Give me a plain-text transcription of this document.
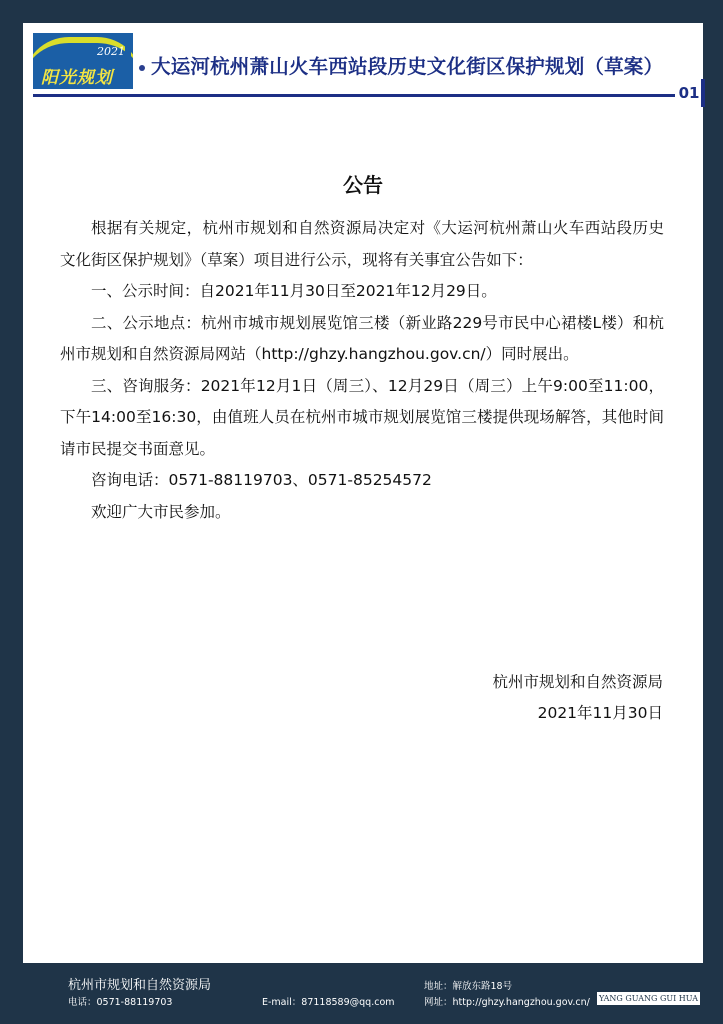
2021
阳光规划 大运河杭州萧山火车西站段历史文化街区保护规划（草案）
01
公告

根据有关规定，杭州市规划和自然资源局决定对《大运河杭州萧山火车西站段历史文化街区保护规划》（草案）项目进行公示，现将有关事宜公告如下：

一、公示时间：自2021年11月30日至2021年12月29日。

二、公示地点：杭州市城市规划展览馆三楼（新业路229号市民中心裙楼L楼）和杭州市规划和自然资源局网站（http://ghzy.hangzhou.gov.cn/）同时展出。

三、咨询服务：2021年12月1日（周三）、12月29日（周三）上午9:00至11:00，下午14:00至16:30，由值班人员在杭州市城市规划展览馆三楼提供现场解答，其他时间请市民提交书面意见。

咨询电话：0571-88119703、0571-85254572

欢迎广大市民参加。

杭州市规划和自然资源局
2021年11月30日
杭州市规划和自然资源局
电话：0571-88119703	E-mail：87118589@qq.com
地址：解放东路18号
网址：http://ghzy.hangzhou.gov.cn/ YANG GUANG GUI HUA
